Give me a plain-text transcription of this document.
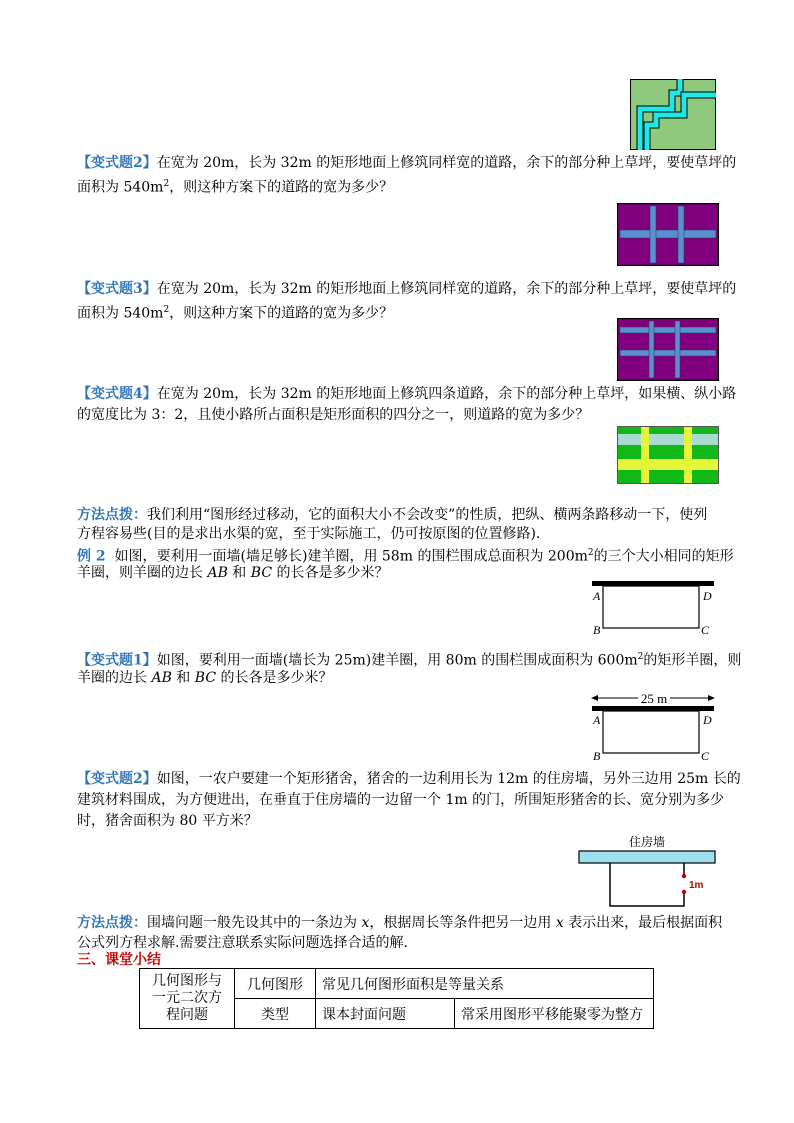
【变式题2】在宽为 20m，长为 32m 的矩形地面上修筑同样宽的道路，余下的部分种上草坪，要使草坪的
面积为 $540m^2$，则这种方案下的道路的宽为多少？
【变式题3】在宽为 20m，长为 32m 的矩形地面上修筑同样宽的道路，余下的部分种上草坪，要使草坪的
面积为 $540m^2$，则这种方案下的道路的宽为多少？
【变式题4】在宽为 20m，长为 32m 的矩形地面上修筑四条道路，余下的部分种上草坪，如果横、纵小路
的宽度比为 3：2，且使小路所占面积是矩形面积的四分之一，则道路的宽为多少？
方法点拨：我们利用“图形经过移动，它的面积大小不会改变”的性质，把纵、横两条路移动一下，使列
方程容易些(目的是求出水渠的宽，至于实际施工，仍可按原图的位置修路).
例 2 如图，要利用一面墙(墙足够长)建羊圈，用 58m 的围栏围成总面积为 $200m^2$的三个大小相同的矩形
羊圈，则羊圈的边长 AB 和 BC 的长各是多少米？
A	D
B	C
【变式题1】如图，要利用一面墙(墙长为 25m)建羊圈，用 80m 的围栏围成面积为 $600m^2$的矩形羊圈，则
羊圈的边长 AB 和 BC 的长各是多少米？
25 m
A	D
B	C
【变式题2】如图，一农户要建一个矩形猪舍，猪舍的一边利用长为 12m 的住房墙，另外三边用 25m 长的
建筑材料围成，为方便进出，在垂直于住房墙的一边留一个 1m 的门，所围矩形猪舍的长、宽分别为多少
时，猪舍面积为 80 平方米？
住房墙
1m
方法点拨：围墙问题一般先设其中的一条边为 x，根据周长等条件把另一边用 x 表示出来，最后根据面积
公式列方程求解.需要注意联系实际问题选择合适的解.
三、课堂小结
几何图形与
一元二次方
程问题	几何图形	常见几何图形面积是等量关系	
	类型	课本封面问题	常采用图形平移能聚零为整方
